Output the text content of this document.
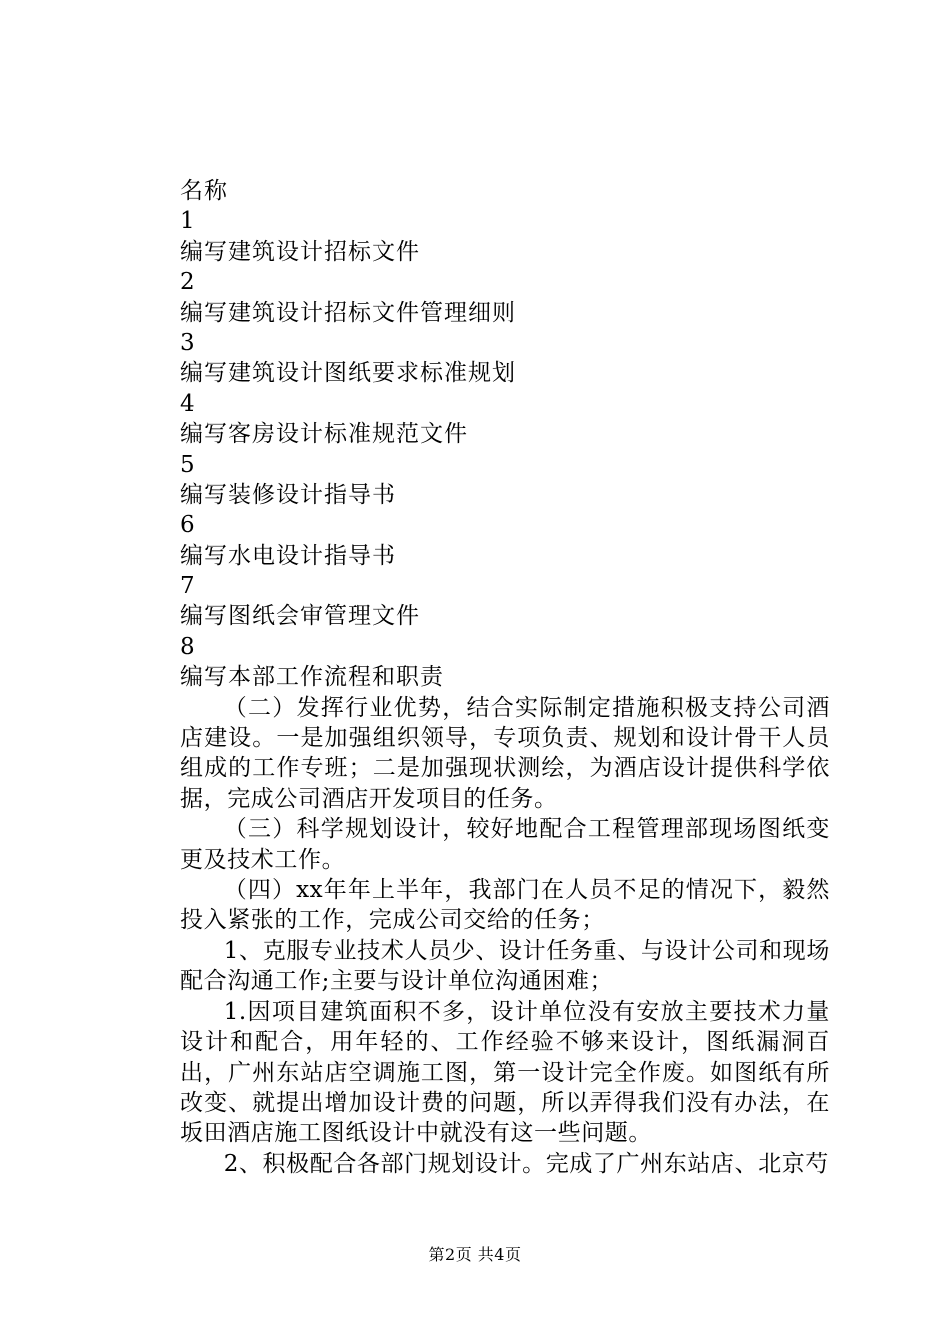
名称
1
编写建筑设计招标文件
2
编写建筑设计招标文件管理细则
3
编写建筑设计图纸要求标准规划
4
编写客房设计标准规范文件
5
编写装修设计指导书
6
编写水电设计指导书
7
编写图纸会审管理文件
8
编写本部工作流程和职责

（二）发挥行业优势，结合实际制定措施积极支持公司酒店建设。一是加强组织领导，专项负责、规划和设计骨干人员组成的工作专班；二是加强现状测绘，为酒店设计提供科学依据，完成公司酒店开发项目的任务。

（三）科学规划设计，较好地配合工程管理部现场图纸变更及技术工作。

（四）xx年年上半年，我部门在人员不足的情况下，毅然投入紧张的工作，完成公司交给的任务；

1、克服专业技术人员少、设计任务重、与设计公司和现场配合沟通工作;主要与设计单位沟通困难；

1.因项目建筑面积不多，设计单位没有安放主要技术力量设计和配合，用年轻的、工作经验不够来设计，图纸漏洞百出，广州东站店空调施工图，第一设计完全作废。如图纸有所改变、就提出增加设计费的问题，所以弄得我们没有办法，在坂田酒店施工图纸设计中就没有这一些问题。

2、积极配合各部门规划设计。完成了广州东站店、北京芍

第2页 共4页
